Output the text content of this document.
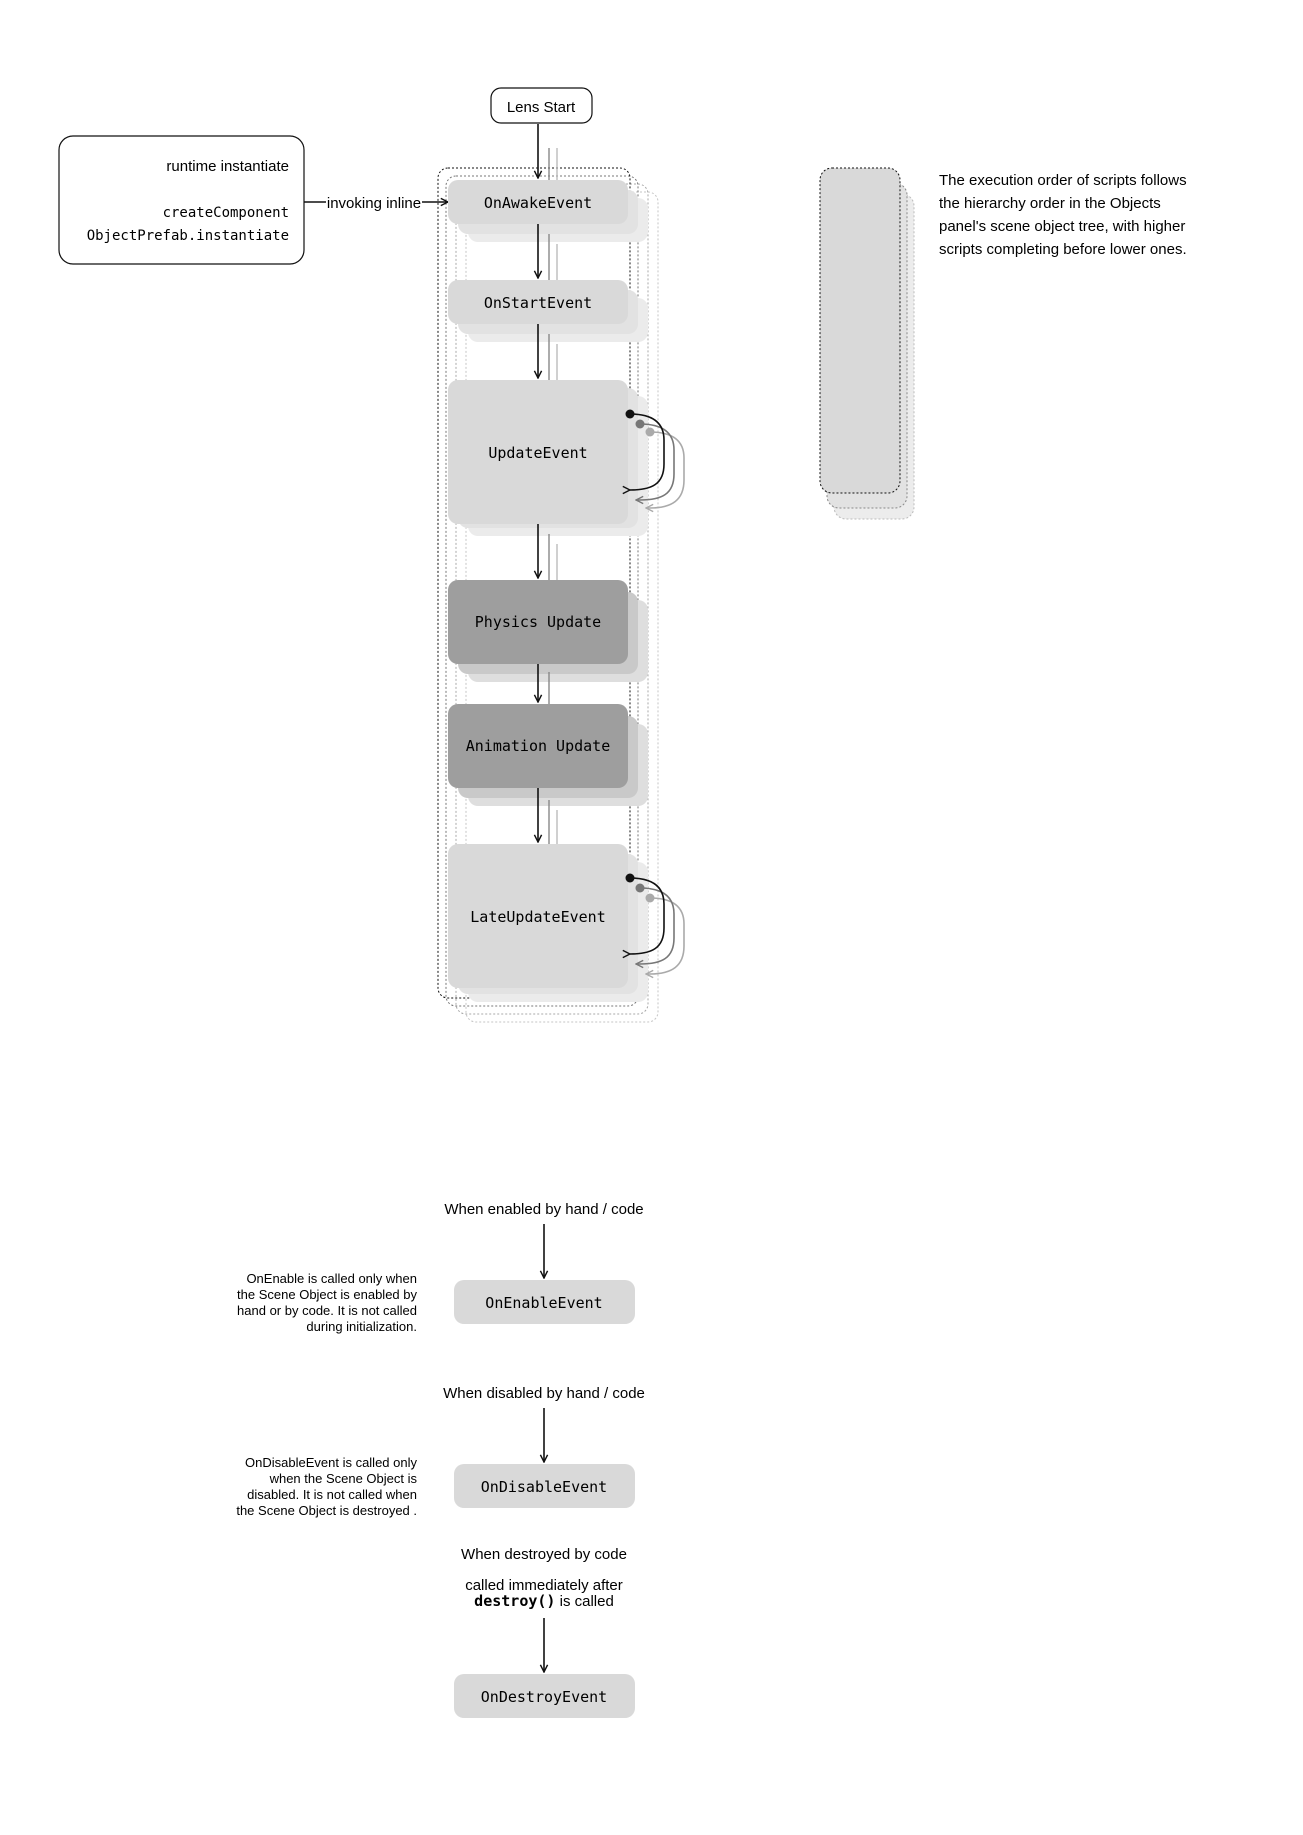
Lens Start
runtime instantiate
createComponent
ObjectPrefab.instantiate
invoking inline	OnAwakeEvent
OnStartEvent
UpdateEvent
Physics Update
Animation Update
LateUpdateEvent
The execution order of scripts follows
the hierarchy order in the Objects
panel's scene object tree, with higher
scripts completing before lower ones.
When enabled by hand / code
OnEnableEvent
OnEnable is called only when
the Scene Object is enabled by
hand or by code. It is not called
during initialization.
When disabled by hand / code
OnDisableEvent
OnDisableEvent is called only
when the Scene Object is
disabled. It is not called when
the Scene Object is destroyed .
When destroyed by code
called immediately after
destroy() is called
OnDestroyEvent
